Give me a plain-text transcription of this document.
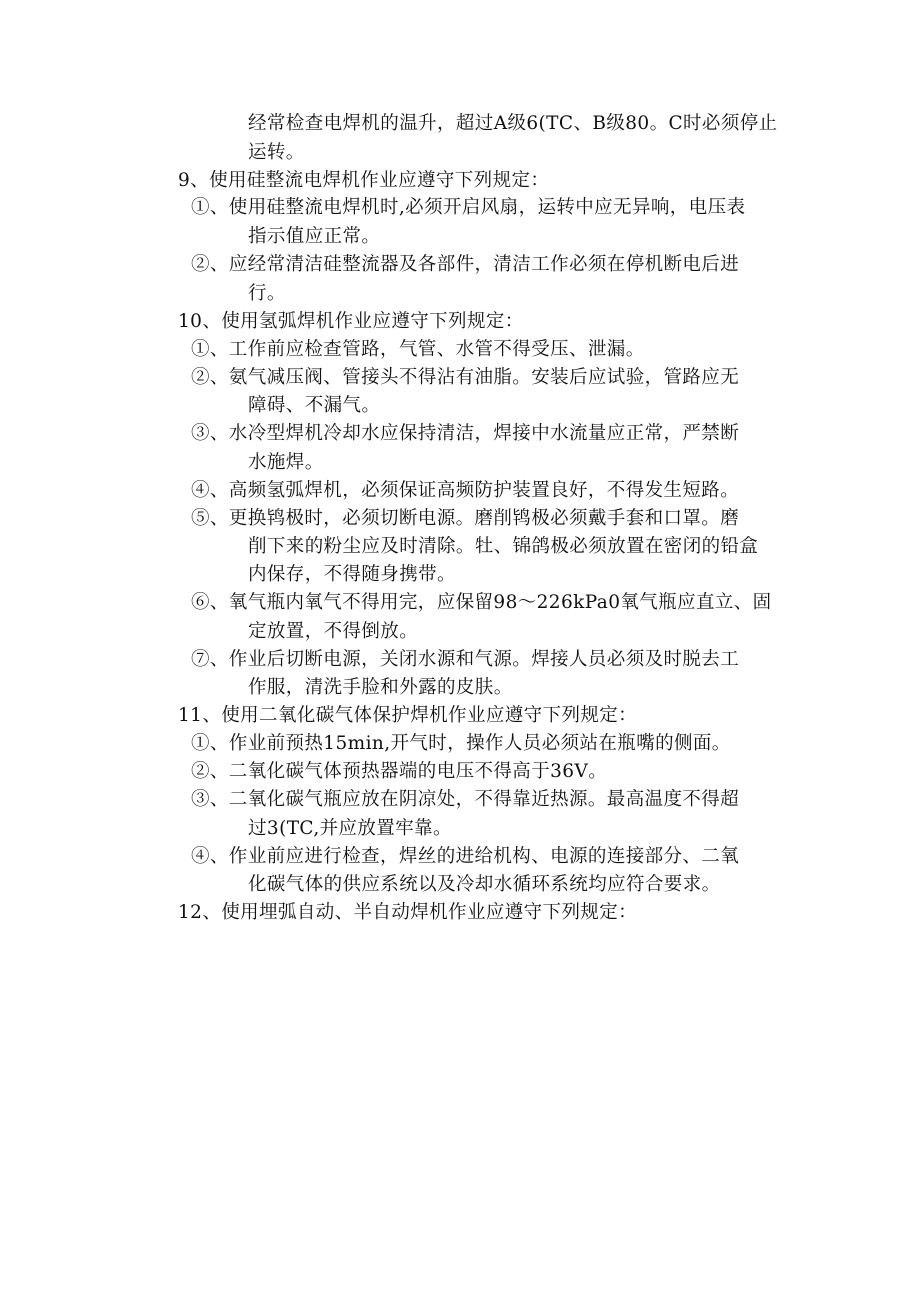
经常检查电焊机的温升，超过A级6(TC、B级80。C时必须停止
运转。
9、使用硅整流电焊机作业应遵守下列规定：
①、使用硅整流电焊机时,必须开启风扇，运转中应无异响，电压表
指示值应正常。
②、应经常清洁硅整流器及各部件，清洁工作必须在停机断电后进
行。
10、使用氢弧焊机作业应遵守下列规定：
①、工作前应检查管路，气管、水管不得受压、泄漏。
②、氨气减压阀、管接头不得沾有油脂。安装后应试验，管路应无
障碍、不漏气。
③、水冷型焊机冷却水应保持清洁，焊接中水流量应正常，严禁断
水施焊。
④、高频氢弧焊机，必须保证高频防护装置良好，不得发生短路。
⑤、更换鸨极时，必须切断电源。磨削鸨极必须戴手套和口罩。磨
削下来的粉尘应及时清除。牡、锦鸽极必须放置在密闭的铅盒
内保存，不得随身携带。
⑥、氧气瓶内氧气不得用完，应保留98～226kPa0氧气瓶应直立、固
定放置，不得倒放。
⑦、作业后切断电源，关闭水源和气源。焊接人员必须及时脱去工
作服，清洗手脸和外露的皮肤。
11、使用二氧化碳气体保护焊机作业应遵守下列规定：
①、作业前预热15min,开气时，操作人员必须站在瓶嘴的侧面。
②、二氧化碳气体预热器端的电压不得高于36V。
③、二氧化碳气瓶应放在阴凉处，不得靠近热源。最高温度不得超
过3(TC,并应放置牢靠。
④、作业前应进行检查，焊丝的进给机构、电源的连接部分、二氧
化碳气体的供应系统以及冷却水循环系统均应符合要求。
12、使用埋弧自动、半自动焊机作业应遵守下列规定：
